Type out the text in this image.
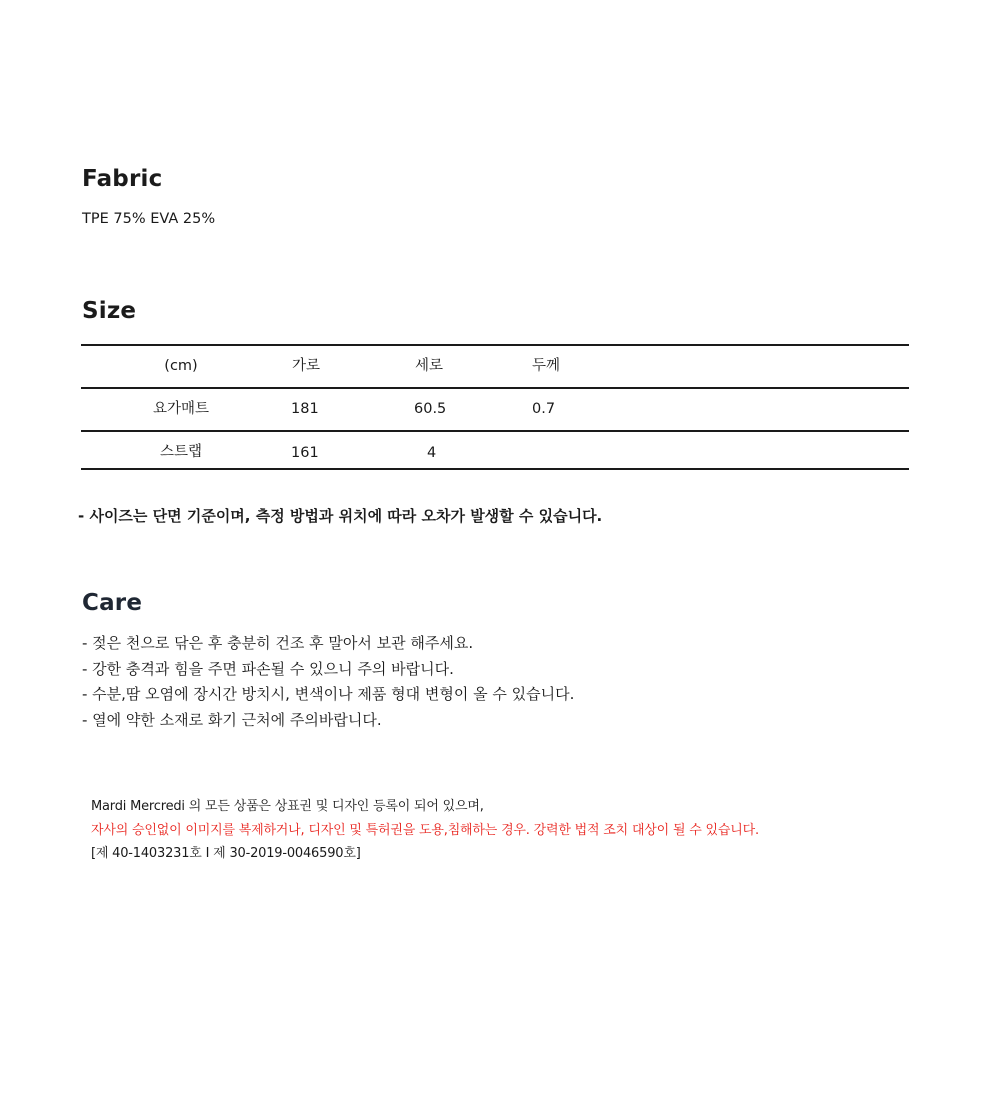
Fabric
TPE 75% EVA 25%
Size
(cm)	가로	세로	두께
요가매트	181	60.5	0.7
스트랩	161	4
- 사이즈는 단면 기준이며, 측정 방법과 위치에 따라 오차가 발생할 수 있습니다.
Care
- 젖은 천으로 닦은 후 충분히 건조 후 말아서 보관 해주세요.
- 강한 충격과 힘을 주면 파손될 수 있으니 주의 바랍니다.
- 수분,땀 오염에 장시간 방치시, 변색이나 제품 형대 변형이 올 수 있습니다.
- 열에 약한 소재로 화기 근처에 주의바랍니다.
Mardi Mercredi 의 모든 상품은 상표권 및 디자인 등록이 되어 있으며,
자사의 승인없이 이미지를 복제하거나, 디자인 및 특허권을 도용,침해하는 경우. 강력한 법적 조치 대상이 될 수 있습니다.
[제 40-1403231호 I 제 30-2019-0046590호]
